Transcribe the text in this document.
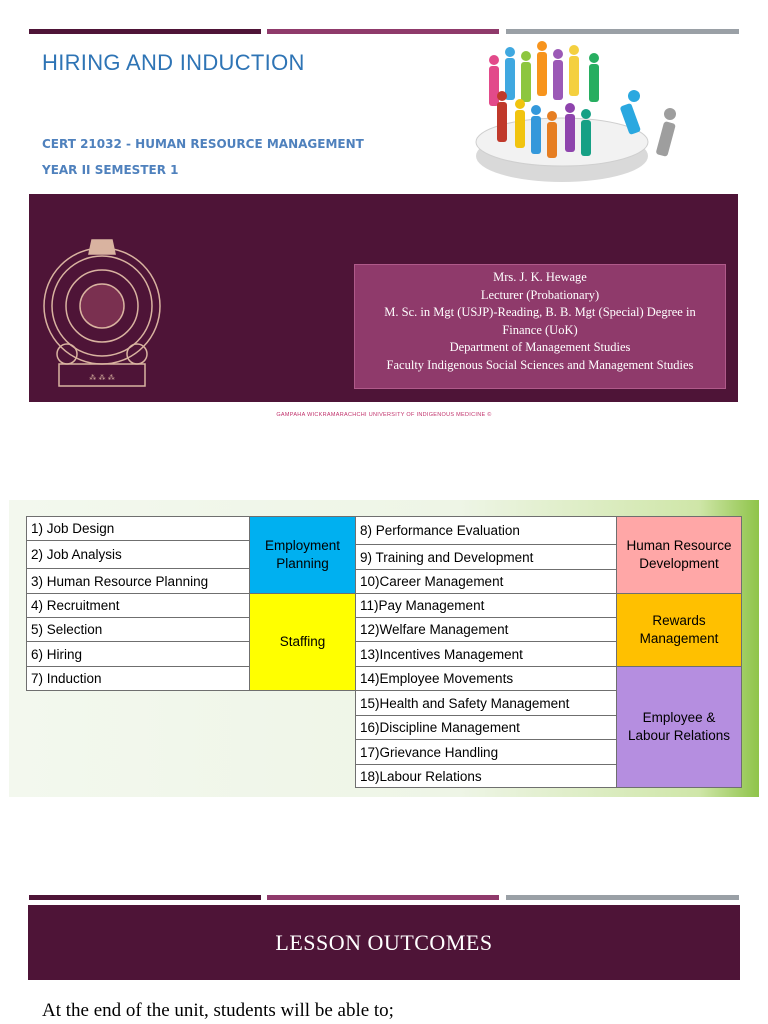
HIRING AND INDUCTION
CERT 21032 - HUMAN RESOURCE MANAGEMENT
YEAR II SEMESTER 1
⁂ ⁂ ⁂
Mrs. J. K. Hewage
Lecturer (Probationary)
M. Sc. in Mgt (USJP)-Reading, B. B. Mgt (Special) Degree in Finance (UoK)
Department of Management Studies
Faculty Indigenous Social Sciences and Management Studies
GAMPAHA WICKRAMARACHCHI UNIVERSITY OF INDIGENOUS MEDICINE ©
1) Job Design
2) Job Analysis
3) Human Resource Planning
4) Recruitment
5) Selection
6) Hiring
7) Induction
Employment Planning
Staffing
8) Performance Evaluation
9) Training and Development
10)Career Management
11)Pay Management
12)Welfare Management
13)Incentives Management
14)Employee Movements
15)Health and Safety Management
16)Discipline Management
17)Grievance Handling
18)Labour Relations
Human Resource Development
Rewards Management
Employee & Labour Relations
LESSON OUTCOMES
At the end of the unit, students will be able to;
